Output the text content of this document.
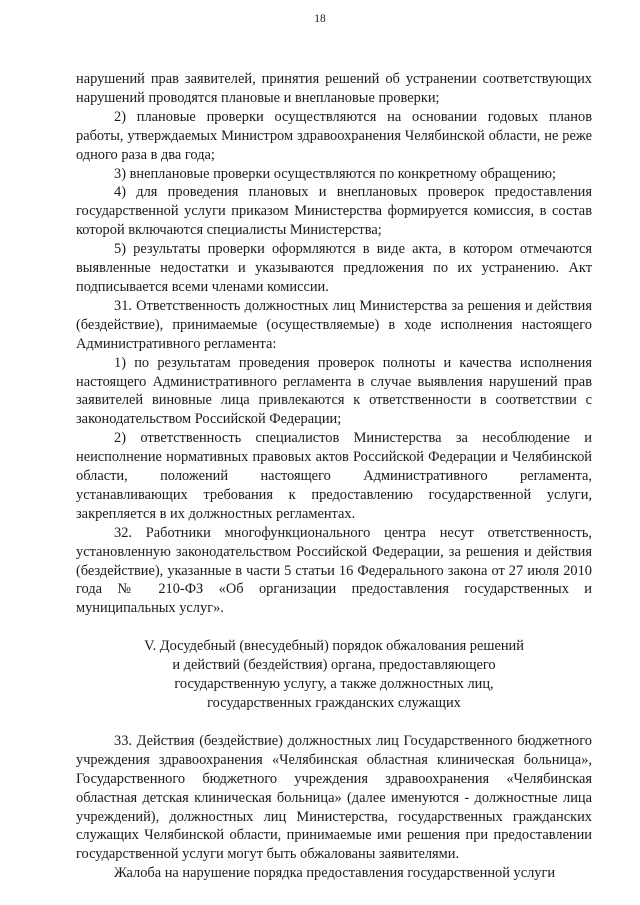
18

нарушений прав заявителей, принятия решений об устранении соответствующих нарушений проводятся плановые и внеплановые проверки;

2) плановые проверки осуществляются на основании годовых планов работы, утверждаемых Министром здравоохранения Челябинской области, не реже одного раза в два года;

3) внеплановые проверки осуществляются по конкретному обращению;

4) для проведения плановых и внеплановых проверок предоставления государственной услуги приказом Министерства формируется комиссия, в состав которой включаются специалисты Министерства;

5) результаты проверки оформляются в виде акта, в котором отмечаются выявленные недостатки и указываются предложения по их устранению. Акт подписывается всеми членами комиссии.

31. Ответственность должностных лиц Министерства за решения и действия (бездействие), принимаемые (осуществляемые) в ходе исполнения настоящего Административного регламента:

1) по результатам проведения проверок полноты и качества исполнения настоящего Административного регламента в случае выявления нарушений прав заявителей виновные лица привлекаются к ответственности в соответствии с законодательством Российской Федерации;

2) ответственность специалистов Министерства за несоблюдение и неисполнение нормативных правовых актов Российской Федерации и Челябинской области, положений настоящего Административного регламента, устанавливающих требования к предоставлению государственной услуги, закрепляется в их должностных регламентах.

32. Работники многофункционального центра несут ответственность, установленную законодательством Российской Федерации, за решения и действия (бездействие), указанные в части 5 статьи 16 Федерального закона от 27 июля 2010 года № 210-ФЗ «Об организации предоставления государственных и муниципальных услуг».

V. Досудебный (внесудебный) порядок обжалования решений
и действий (бездействия) органа, предоставляющего
государственную услугу, а также должностных лиц,
государственных гражданских служащих

33. Действия (бездействие) должностных лиц Государственного бюджетного учреждения здравоохранения «Челябинская областная клиническая больница», Государственного бюджетного учреждения здравоохранения «Челябинская областная детская клиническая больница» (далее именуются - должностные лица учреждений), должностных лиц Министерства, государственных гражданских служащих Челябинской области, принимаемые ими решения при предоставлении государственной услуги могут быть обжалованы заявителями.

Жалоба на нарушение порядка предоставления государственной услуги
